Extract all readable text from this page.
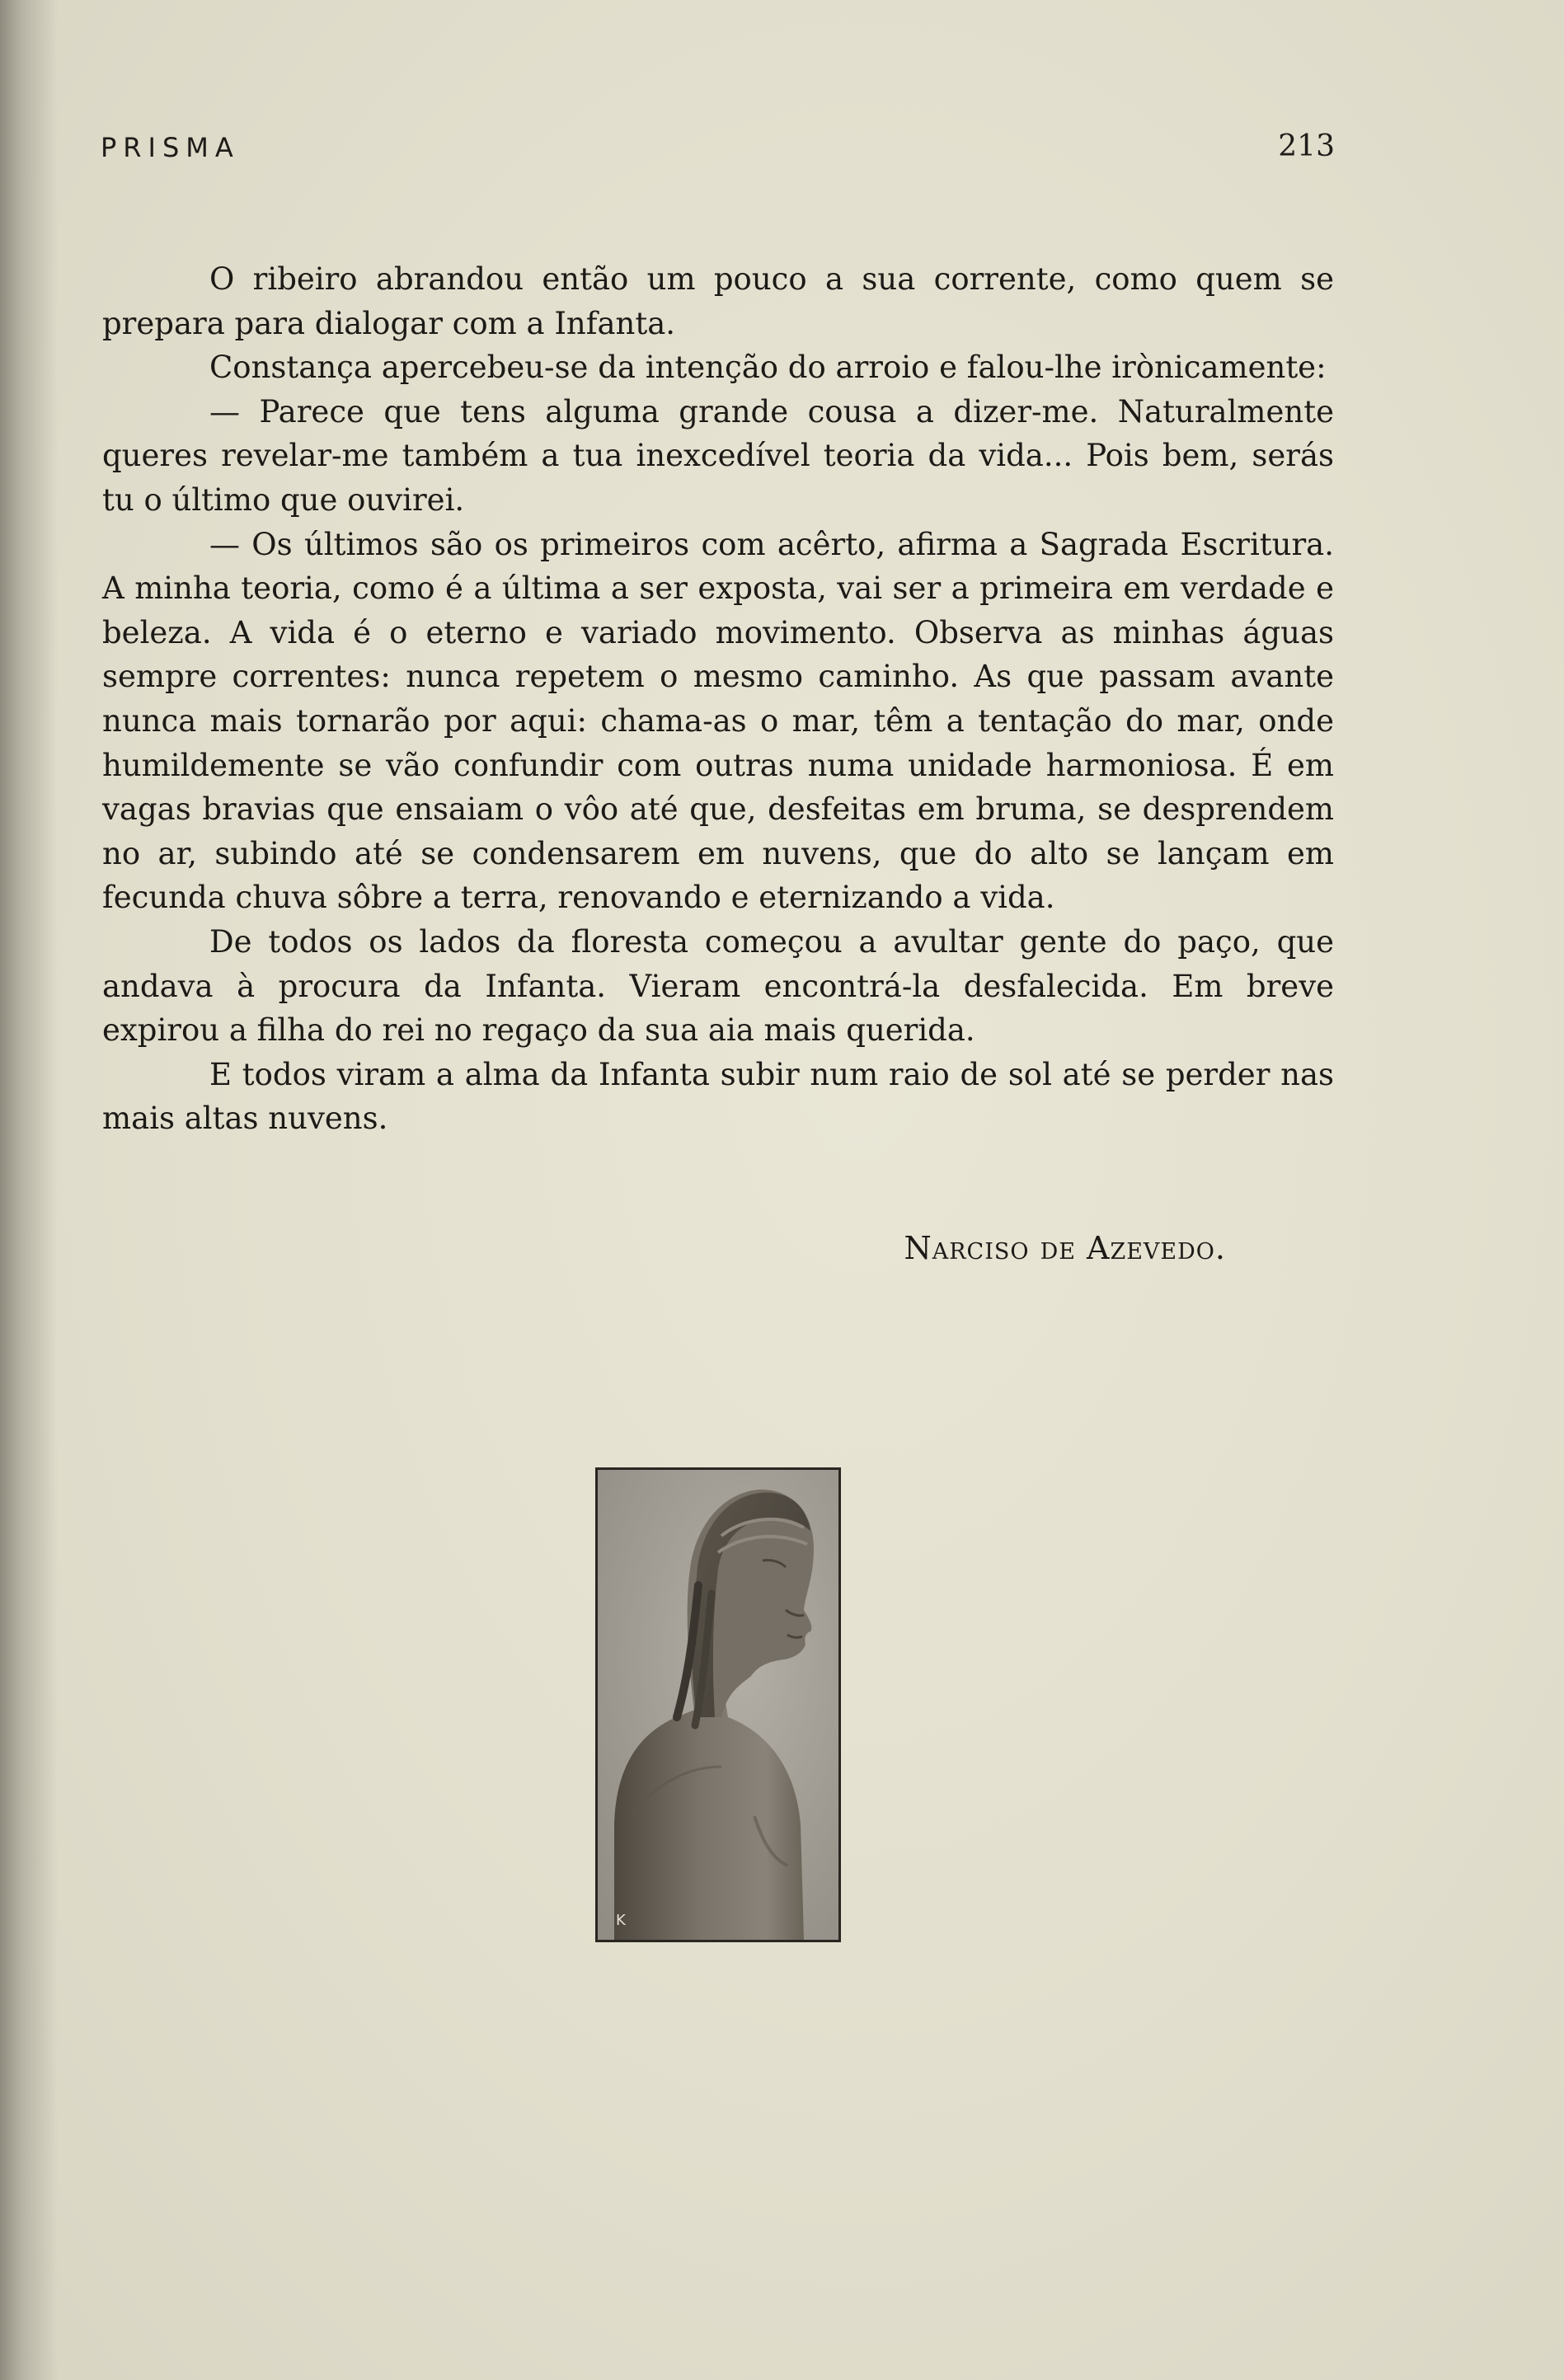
PRISMA	213

O ribeiro abrandou então um pouco a sua corrente, como quem se prepara para dialogar com a Infanta.

Constança apercebeu-se da intenção do arroio e falou-lhe irònicamente:

— Parece que tens alguma grande cousa a dizer-me. Naturalmente queres revelar-me também a tua inexcedível teoria da vida... Pois bem, serás tu o último que ouvirei.

— Os últimos são os primeiros com acêrto, afirma a Sagrada Escritura. A minha teoria, como é a última a ser exposta, vai ser a primeira em verdade e beleza. A vida é o eterno e variado movimento. Observa as minhas águas sempre correntes: nunca repetem o mesmo caminho. As que passam avante nunca mais tornarão por aqui: chama-as o mar, têm a tentação do mar, onde humildemente se vão confundir com outras numa unidade harmoniosa. É em vagas bravias que ensaiam o vôo até que, desfeitas em bruma, se desprendem no ar, subindo até se condensarem em nuvens, que do alto se lançam em fecunda chuva sôbre a terra, renovando e eternizando a vida.

De todos os lados da floresta começou a avultar gente do paço, que andava à procura da Infanta. Vieram encontrá-la desfalecida. Em breve expirou a filha do rei no regaço da sua aia mais querida.

E todos viram a alma da Infanta subir num raio de sol até se perder nas mais altas nuvens.

Narciso de Azevedo.
K
